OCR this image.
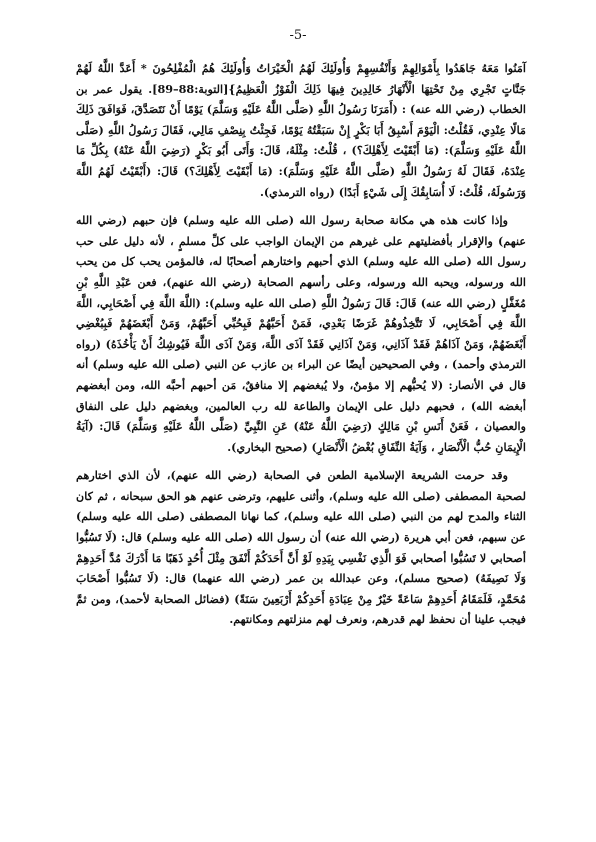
-5-

آمَنُوا مَعَهُ جَاهَدُوا بِأَمْوَالِهِمْ وَأَنْفُسِهِمْ وَأُولَئِكَ لَهُمُ الْخَيْرَاتُ وَأُولَئِكَ هُمُ الْمُفْلِحُونَ * أَعَدَّ اللَّهُ لَهُمْ جَنَّاتٍ تَجْرِي مِنْ تَحْتِهَا الْأَنْهَارُ خَالِدِينَ فِيهَا ذَلِكَ الْفَوْزُ الْعَظِيمُ}[التوبة:88–89]. يقول عمر بن الخطاب (رضي الله عنه) : (أَمَرَنَا رَسُولُ اللَّهِ (صَلَّى اللَّهُ عَلَيْهِ وَسَلَّمَ) يَوْمًا أَنْ نَتَصَدَّقَ، فَوَافَقَ ذَلِكَ مَالًا عِنْدِي، فَقُلْتُ: الْيَوْمَ أَسْبِقُ أَبَا بَكْرٍ إِنْ سَبَقْتُهُ يَوْمًا، فَجِئْتُ بِنِصْفِ مَالِي، فَقَالَ رَسُولُ اللَّهِ (صَلَّى اللَّهُ عَلَيْهِ وَسَلَّمَ): (مَا أَبْقَيْتَ لِأَهْلِكَ؟) ، قُلْتُ: مِثْلَهُ، قَالَ: وَأَتَى أَبُو بَكْرٍ (رَضِيَ اللَّهُ عَنْهُ) بِكُلِّ مَا عِنْدَهُ، فَقَالَ لَهُ رَسُولُ اللَّهِ (صَلَّى اللَّهُ عَلَيْهِ وَسَلَّمَ): (مَا أَبْقَيْتَ لِأَهْلِكَ؟) قَالَ: (أَبْقَيْتُ لَهُمُ اللَّهَ وَرَسُولَهُ، قُلْتُ: لَا أُسَابِقُكَ إِلَى شَيْءٍ أَبَدًا) (رواه الترمذي).

وإذا كانت هذه هي مكانة صحابة رسول الله (صلى الله عليه وسلم) فإن حبهم (رضي الله عنهم) والإقرار بأفضليتهم على غيرهم من الإيمان الواجب على كلِّ مسلمٍ ، لأنه دليل على حب رسول الله (صلى الله عليه وسلم) الذي أحبهم واختارهم أصحابًا له، فالمؤمن يحب كل من يحب الله ورسوله، ويحبه الله ورسوله، وعلى رأسهم الصحابة (رضي الله عنهم)، فعن عَبْدِ اللَّهِ بْنِ مُغَفَّلٍ (رضي الله عنه) قَالَ: قَالَ رَسُولُ اللَّهِ (صلى الله عليه وسلم): (اللَّهَ اللَّهَ فِي أَصْحَابِي، اللَّهَ اللَّهَ فِي أَصْحَابِي، لَا تَتَّخِذُوهُمْ غَرَضًا بَعْدِي، فَمَنْ أَحَبَّهُمْ فَبِحُبِّي أَحَبَّهُمْ، وَمَنْ أَبْغَضَهُمْ فَبِبُغْضِي أَبْغَضَهُمْ، وَمَنْ آذَاهُمْ فَقَدْ آذَانِي، وَمَنْ آذَانِي فَقَدْ آذَى اللَّهَ، وَمَنْ آذَى اللَّهَ فَيُوشِكُ أَنْ يَأْخُذَهُ) (رواه الترمذي وأحمد) ، وفي الصحيحين أيضًا عن البراء بن عازب عن النبي (صلى الله عليه وسلم) أنه قال في الأنصار: (لا يُحبُّهم إلا مؤمنٌ، ولا يُبغضهم إلا منافقٌ، مَن أحبهم أحبَّه الله، ومن أبغضهم أبغضه الله) ، فحبهم دليل على الإيمان والطاعة لله رب العالمين، وبغضهم دليل على النفاق والعصيان ، فَعَنْ أَنَسِ بْنِ مَالِكٍ (رَضِيَ اللَّهُ عَنْهُ) عَنِ النَّبِيِّ (صَلَّى اللَّهُ عَلَيْهِ وَسَلَّمَ) قَالَ: (آيَةُ الْإِيمَانِ حُبُّ الْأَنْصَارِ ، وَآيَةُ النِّفَاقِ بُغْضُ الْأَنْصَارِ) (صحيح البخاري).

وقد حرمت الشريعة الإسلامية الطعن في الصحابة (رضي الله عنهم)، لأن الذي اختارهم لصحبة المصطفى (صلى الله عليه وسلم)، وأثنى عليهم، وترضى عنهم هو الحق سبحانه ، ثم كان الثناء والمدح لهم من النبي (صلى الله عليه وسلم)، كما نهانا المصطفى (صلى الله عليه وسلم) عن سبهم، فعن أبي هريرة (رضي الله عنه) أن رسول الله (صلى الله عليه وسلم) قال: (لَا تَسُبُّوا أصحابي لا تَسُبُّوا أصحابي فَوَ الَّذِي نَفْسِي بِيَدِهِ لَوْ أَنَّ أَحَدَكُمْ أَنْفَقَ مِثْلَ أُحُدٍ ذَهَبًا مَا أَدْرَكَ مُدَّ أَحَدِهِمْ وَلَا نَصِيفَهُ) (صحيح مسلم)، وعن عبدالله بن عمر (رضي الله عنهما) قال: (لَا تَسُبُّوا أَصْحَابَ مُحَمَّدٍ، فَلَمَقَامُ أَحَدِهِمْ سَاعَةً خَيْرٌ مِنْ عِبَادَةِ أَحَدِكُمْ أَرْبَعِينَ سَنَةً) (فضائل الصحابة لأحمد)، ومن ثمَّ فيجب علينا أن نحفظ لهم قدرهم، ونعرف لهم منزلتهم ومكانتهم.
